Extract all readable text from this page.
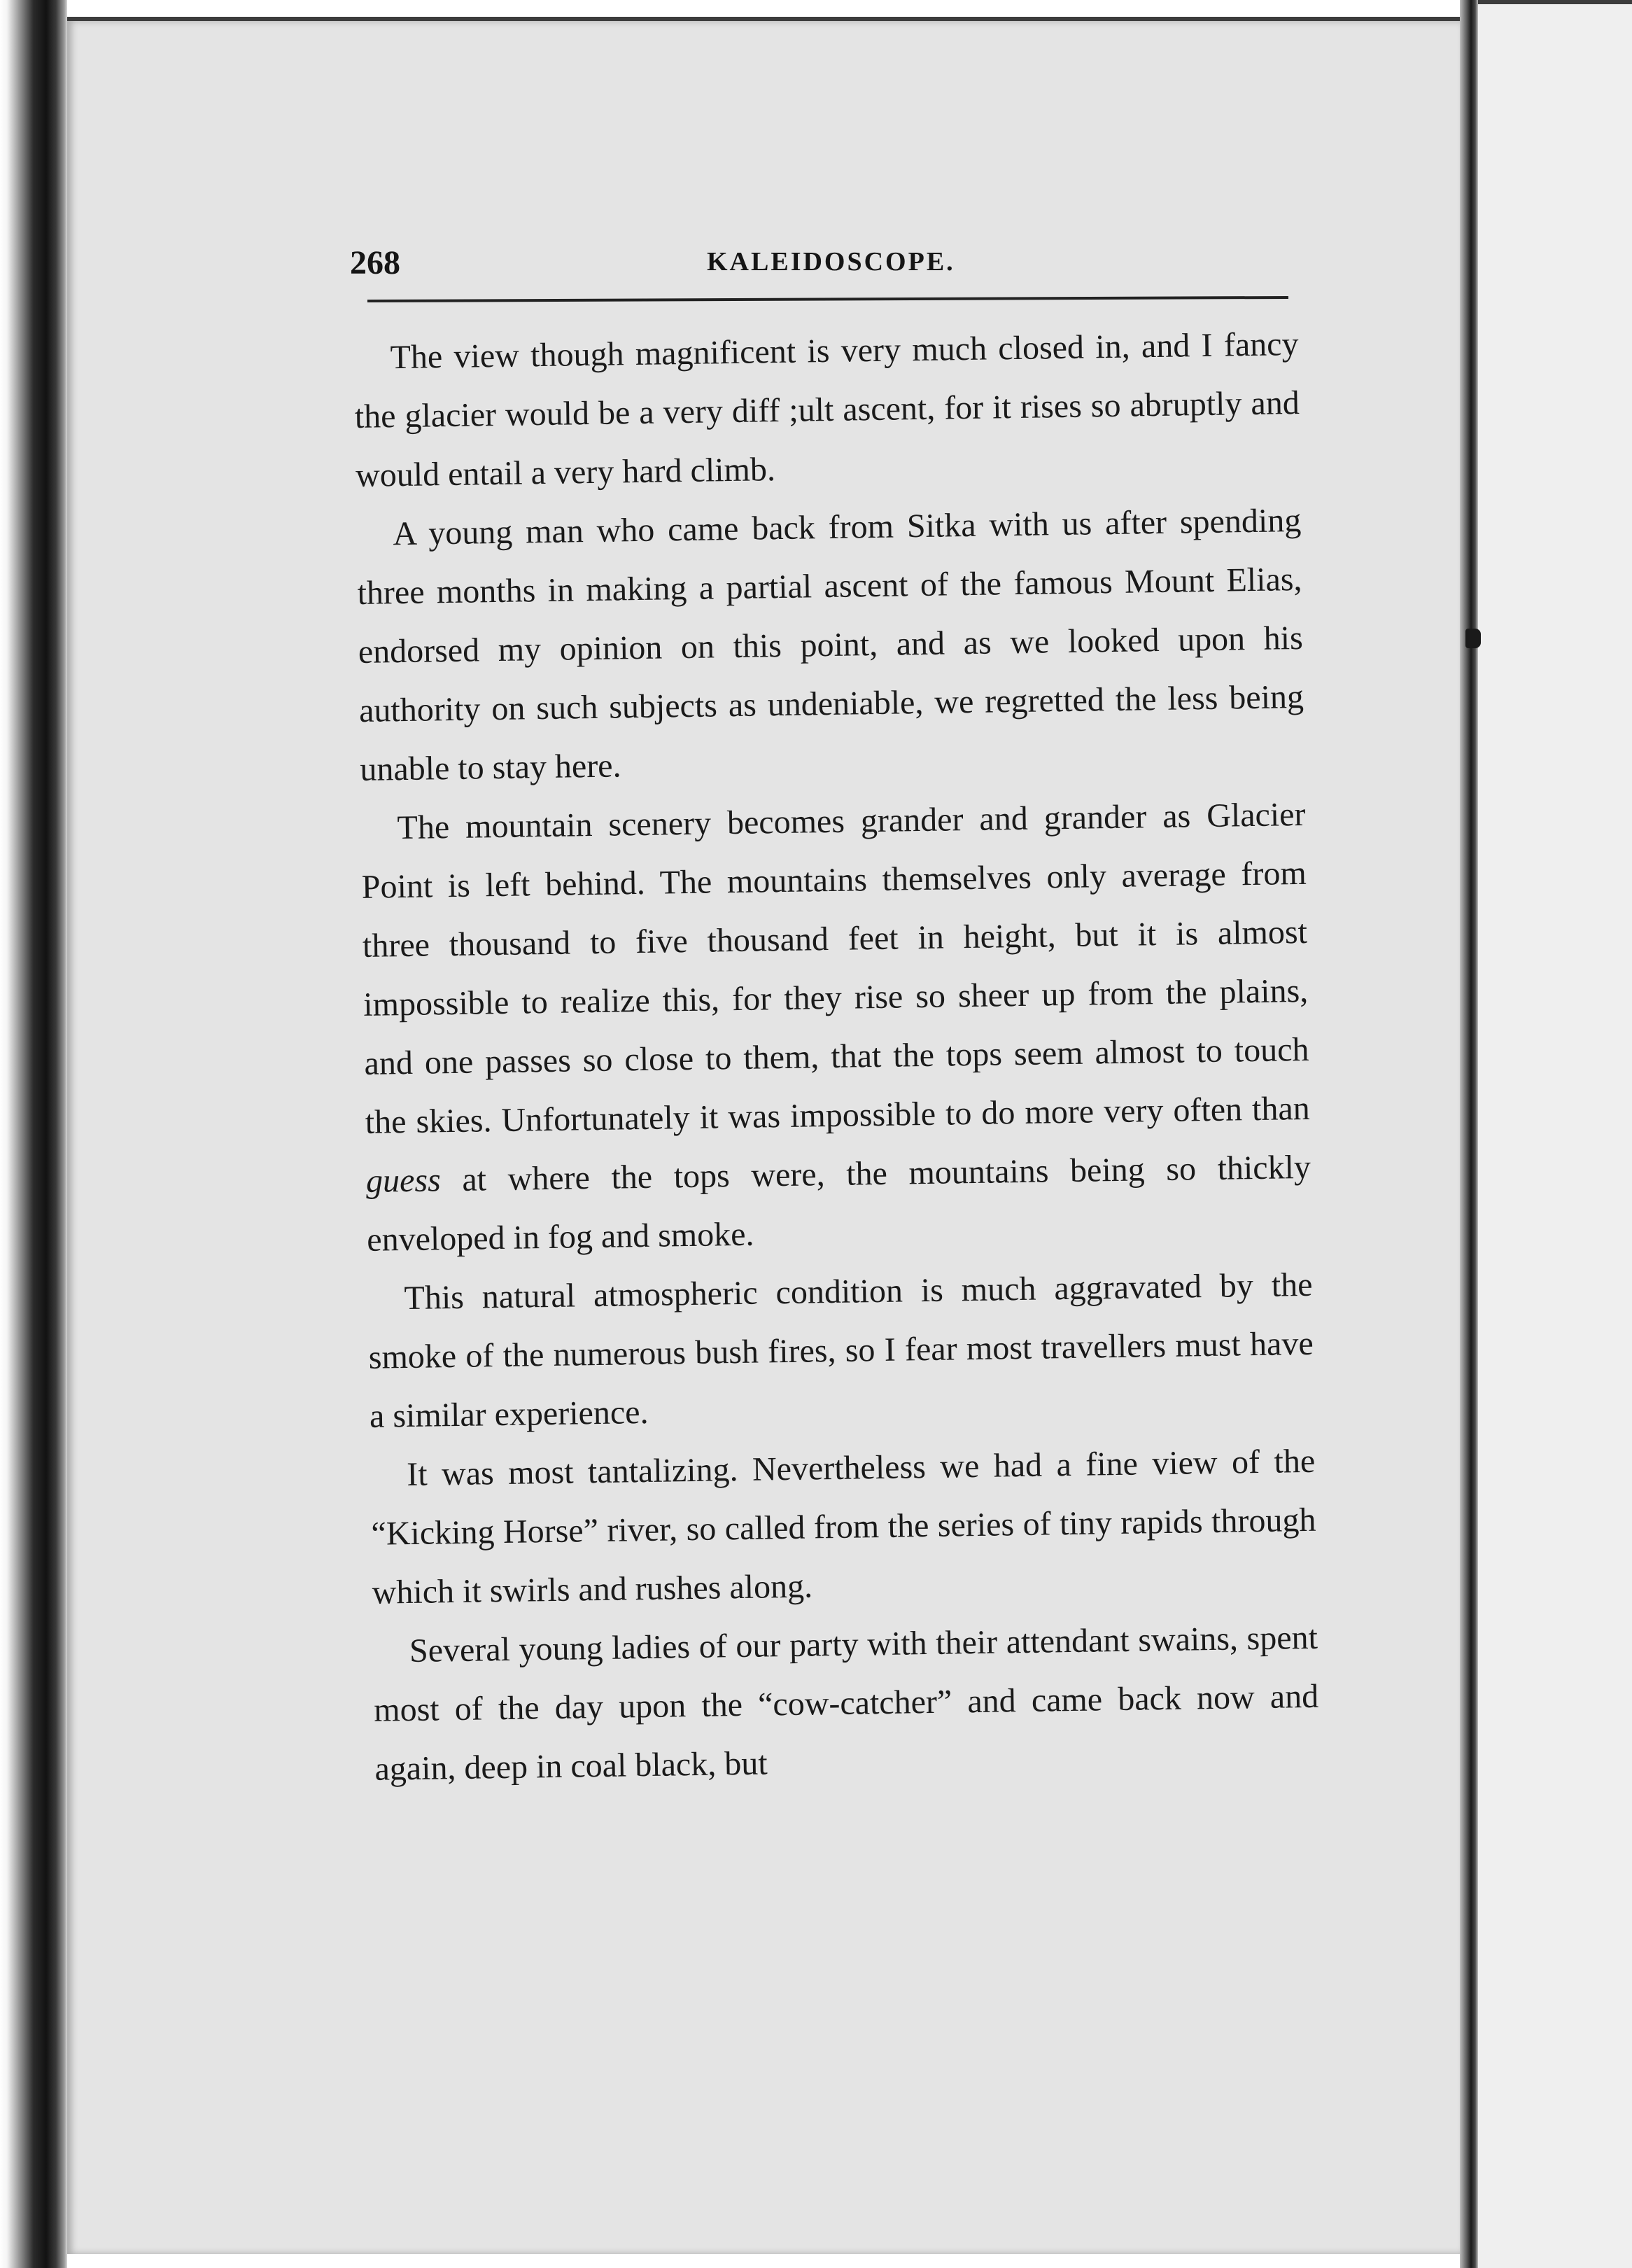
268	KALEIDOSCOPE.

The view though magnificent is very much closed in, and I fancy the glacier would be a very diff ;ult ascent, for it rises so abruptly and would entail a very hard climb.

A young man who came back from Sitka with us after spending three months in making a partial ascent of the famous Mount Elias, endorsed my opinion on this point, and as we looked upon his authority on such subjects as undeniable, we regretted the less being unable to stay here.

The mountain scenery becomes grander and grander as Glacier Point is left behind. The mountains themselves only average from three thousand to five thousand feet in height, but it is almost impossible to realize this, for they rise so sheer up from the plains, and one passes so close to them, that the tops seem almost to touch the skies. Unfortunately it was impossible to do more very often than guess at where the tops were, the mountains being so thickly enveloped in fog and smoke.

This natural atmospheric condition is much aggravated by the smoke of the numerous bush fires, so I fear most travellers must have a similar experience.

It was most tantalizing. Nevertheless we had a fine view of the “Kicking Horse” river, so called from the series of tiny rapids through which it swirls and rushes along.

Several young ladies of our party with their attendant swains, spent most of the day upon the “cow-catcher” and came back now and again, deep in coal black, but
